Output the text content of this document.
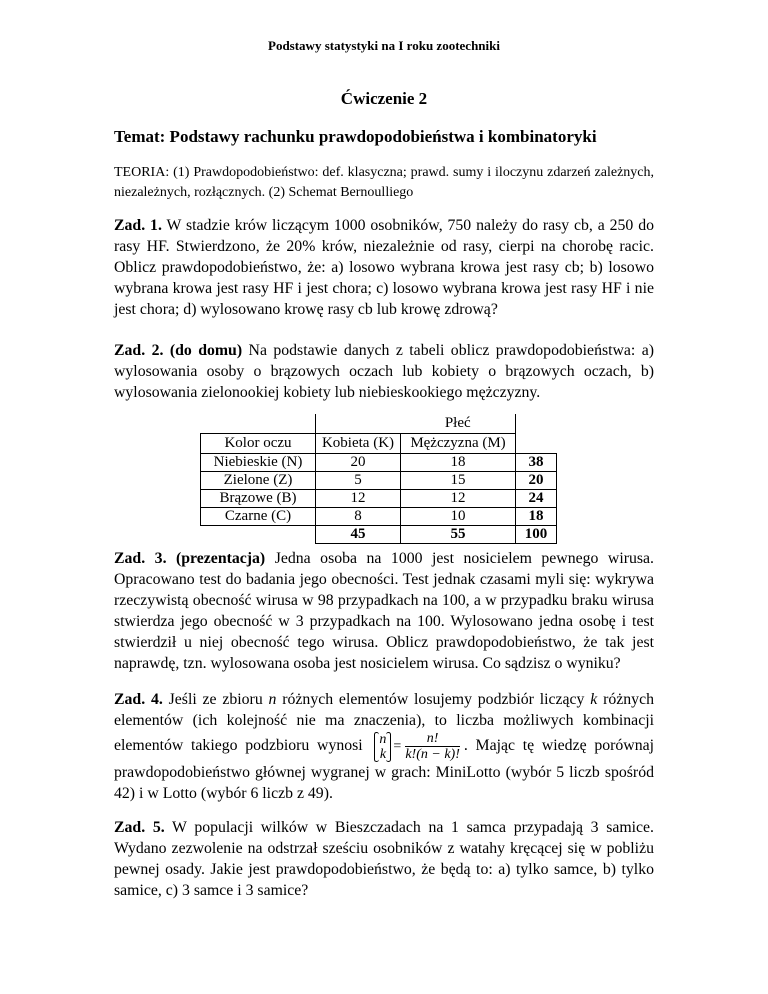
Podstawy statystyki na I roku zootechniki
Ćwiczenie 2
Temat: Podstawy rachunku prawdopodobieństwa i kombinatoryki
TEORIA: (1) Prawdopodobieństwo: def. klasyczna; prawd. sumy i iloczynu zdarzeń zależnych, niezależnych, rozłącznych. (2) Schemat Bernoulliego
Zad. 1. W stadzie krów liczącym 1000 osobników, 750 należy do rasy cb, a 250 do rasy HF. Stwierdzono, że 20% krów, niezależnie od rasy, cierpi na chorobę racic. Oblicz prawdopodobieństwo, że: a) losowo wybrana krowa jest rasy cb; b) losowo wybrana krowa jest rasy HF i jest chora; c) losowo wybrana krowa jest rasy HF i nie jest chora; d) wylosowano krowę rasy cb lub krowę zdrową?
Zad. 2. (do domu) Na podstawie danych z tabeli oblicz prawdopodobieństwa: a) wylosowania osoby o brązowych oczach lub kobiety o brązowych oczach, b) wylosowania zielonookiej kobiety lub niebieskookiego mężczyzny.
		Płeć	
Kolor oczu	Kobieta (K)	Mężczyzna (M)	
Niebieskie (N)	20	18	38
Zielone (Z)	5	15	20
Brązowe (B)	12	12	24
Czarne (C)	8	10	18
	45	55	100
Zad. 3. (prezentacja) Jedna osoba na 1000 jest nosicielem pewnego wirusa. Opracowano test do badania jego obecności. Test jednak czasami myli się: wykrywa rzeczywistą obecność wirusa w 98 przypadkach na 100, a w przypadku braku wirusa stwierdza jego obecność w 3 przypadkach na 100. Wylosowano jedna osobę i test stwierdził u niej obecność tego wirusa. Oblicz prawdopodobieństwo, że tak jest naprawdę, tzn. wylosowana osoba jest nosicielem wirusa. Co sądzisz o wyniku?
Zad. 4. Jeśli ze zbioru n różnych elementów losujemy podzbiór liczący k różnych elementów (ich kolejność nie ma znaczenia), to liczba możliwych kombinacji elementów takiego podzbioru wynosi n
$k = \frac{n!}{k!(n - k)!}$ . Mając tę wiedzę porównaj prawdopodobieństwo głównej wygranej w grach: MiniLotto (wybór 5 liczb spośród 42) i w Lotto (wybór 6 liczb z 49).
Zad. 5. W populacji wilków w Bieszczadach na 1 samca przypadają 3 samice. Wydano zezwolenie na odstrzał sześciu osobników z watahy kręcącej się w pobliżu pewnej osady. Jakie jest prawdopodobieństwo, że będą to: a) tylko samce, b) tylko samice, c) 3 samce i 3 samice?
